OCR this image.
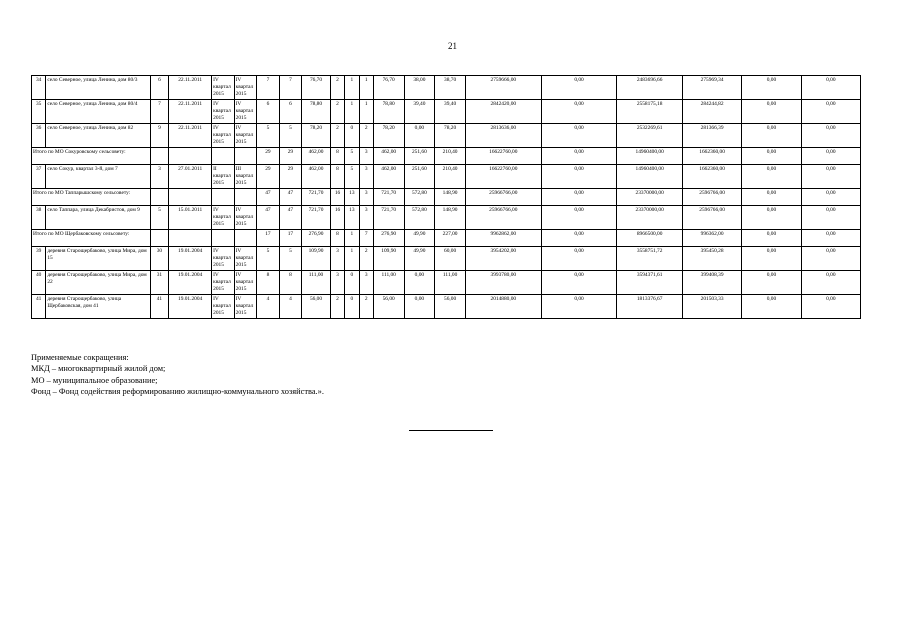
21
34	село Северное, улица Ленина, дом 80/3	6	22.11.2011	IV квартал 2015	IV квартал 2015	7	7	76,70	2	1	1	76,70	38,00	38,70	2759666,00	0,00	2483696,66	275969,34	0,00	0,00
35	село Северное, улица Ленина, дом 80/4	7	22.11.2011	IV квартал 2015	IV квартал 2015	6	6	78,80	2	1	1	78,80	39,40	39,40	2842420,00	0,00	2558175,18	284244,82	0,00	0,00
36	село Северное, улица Ленина, дом 82	9	22.11.2011	IV квартал 2015	IV квартал 2015	5	5	78,20	2	0	2	78,20	0,00	78,20	2813636,00	0,00	2532269,61	281366,39	0,00	0,00
Итого по МО Сокуровскому сельсовету:						29	29	462,00	8	5	3	462,00	251,60	210,40	16622760,00	0,00	14960400,00	1662360,00	0,00	0,00
37	село Сокур, квартал 3-й, дом 7	3	27.01.2011	II квартал 2015	III квартал 2015	29	29	462,00	8	5	3	462,00	251,60	210,40	16622760,00	0,00	14960400,00	1662360,00	0,00	0,00
Итого по МО Таппарышскому сельсовету:						47	47	721,70	16	13	3	721,70	572,80	148,90	25966766,00	0,00	23370000,00	2596766,00	0,00	0,00
38	село Таппара, улица Декабристов, дом 9	5	15.01.2011	IV квартал 2015	IV квартал 2015	47	47	721,70	16	13	3	721,70	572,80	148,90	25966766,00	0,00	23370000,00	2596766,00	0,00	0,00
Итого по МО Щербаковскому сельсовету:						17	17	276,90	8	1	7	276,90	49,90	227,00	9962862,00	0,00	8966500,00	996362,00	0,00	0,00
39	деревня Старощербаково, улица Мира, дом 15	30	19.01.2004	IV квартал 2015	IV квартал 2015	5	5	109,90	3	1	2	109,90	49,90	60,00	3954202,00	0,00	3558751,72	395450,28	0,00	0,00
40	деревня Старощербаково, улица Мира, дом 22	31	19.01.2004	IV квартал 2015	IV квартал 2015	8	8	111,00	3	0	3	111,00	0,00	111,00	3993780,00	0,00	3594371,61	399408,39	0,00	0,00
41	деревня Старощербаково, улица Щербаковская, дом 41	41	19.01.2004	IV квартал 2015	IV квартал 2015	4	4	56,00	2	0	2	56,00	0,00	56,00	2014880,00	0,00	1813376,67	201503,33	0,00	0,00
Применяемые сокращения:
МКД – многоквартирный жилой дом;
МО – муниципальное образование;
Фонд – Фонд содействия реформированию жилищно-коммунального хозяйства.».
